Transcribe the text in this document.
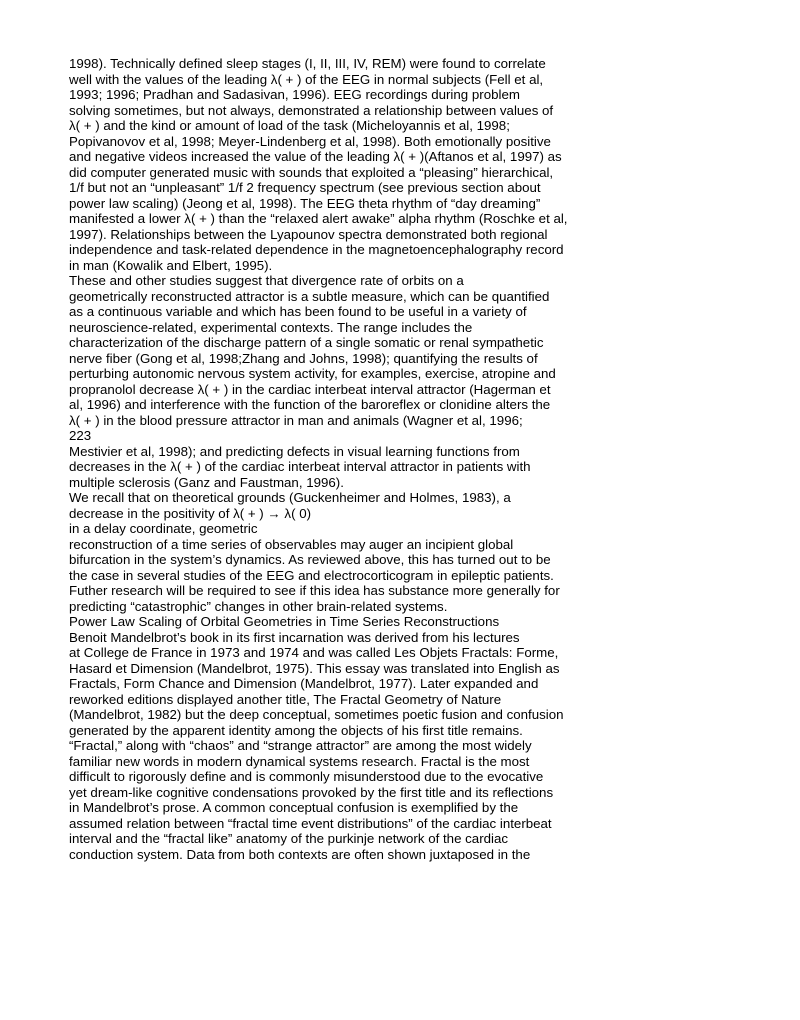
1998). Technically defined sleep stages (I, II, III, IV, REM) were found to correlate
well with the values of the leading λ( + ) of the EEG in normal subjects (Fell et al,
1993; 1996; Pradhan and Sadasivan, 1996). EEG recordings during problem
solving sometimes, but not always, demonstrated a relationship between values of
λ( + ) and the kind or amount of load of the task (Micheloyannis et al, 1998;
Popivanovov et al, 1998; Meyer-Lindenberg et al, 1998). Both emotionally positive
and negative videos increased the value of the leading λ( + )(Aftanos et al, 1997) as
did computer generated music with sounds that exploited a “pleasing” hierarchical,
1/f but not an “unpleasant” 1/f 2 frequency spectrum (see previous section about
power law scaling) (Jeong et al, 1998). The EEG theta rhythm of “day dreaming”
manifested a lower λ( + ) than the “relaxed alert awake” alpha rhythm (Roschke et al,
1997). Relationships between the Lyapounov spectra demonstrated both regional
independence and task-related dependence in the magnetoencephalography record
in man (Kowalik and Elbert, 1995).
These and other studies suggest that divergence rate of orbits on a
geometrically reconstructed attractor is a subtle measure, which can be quantified
as a continuous variable and which has been found to be useful in a variety of
neuroscience-related, experimental contexts. The range includes the
characterization of the discharge pattern of a single somatic or renal sympathetic
nerve fiber (Gong et al, 1998;Zhang and Johns, 1998); quantifying the results of
perturbing autonomic nervous system activity, for examples, exercise, atropine and
propranolol decrease λ( + ) in the cardiac interbeat interval attractor (Hagerman et
al, 1996) and interference with the function of the baroreflex or clonidine alters the
λ( + ) in the blood pressure attractor in man and animals (Wagner et al, 1996;
223
Mestivier et al, 1998); and predicting defects in visual learning functions from
decreases in the λ( + ) of the cardiac interbeat interval attractor in patients with
multiple sclerosis (Ganz and Faustman, 1996).
We recall that on theoretical grounds (Guckenheimer and Holmes, 1983), a
decrease in the positivity of λ( + ) → λ( 0)
in a delay coordinate, geometric
reconstruction of a time series of observables may auger an incipient global
bifurcation in the system’s dynamics. As reviewed above, this has turned out to be
the case in several studies of the EEG and electrocorticogram in epileptic patients.
Futher research will be required to see if this idea has substance more generally for
predicting “catastrophic” changes in other brain-related systems.
Power Law Scaling of Orbital Geometries in Time Series Reconstructions
Benoit Mandelbrot’s book in its first incarnation was derived from his lectures
at College de France in 1973 and 1974 and was called Les Objets Fractals: Forme,
Hasard et Dimension (Mandelbrot, 1975). This essay was translated into English as
Fractals, Form Chance and Dimension (Mandelbrot, 1977). Later expanded and
reworked editions displayed another title, The Fractal Geometry of Nature
(Mandelbrot, 1982) but the deep conceptual, sometimes poetic fusion and confusion
generated by the apparent identity among the objects of his first title remains.
“Fractal,” along with “chaos” and “strange attractor” are among the most widely
familiar new words in modern dynamical systems research. Fractal is the most
difficult to rigorously define and is commonly misunderstood due to the evocative
yet dream-like cognitive condensations provoked by the first title and its reflections
in Mandelbrot’s prose. A common conceptual confusion is exemplified by the
assumed relation between “fractal time event distributions” of the cardiac interbeat
interval and the “fractal like” anatomy of the purkinje network of the cardiac
conduction system. Data from both contexts are often shown juxtaposed in the
